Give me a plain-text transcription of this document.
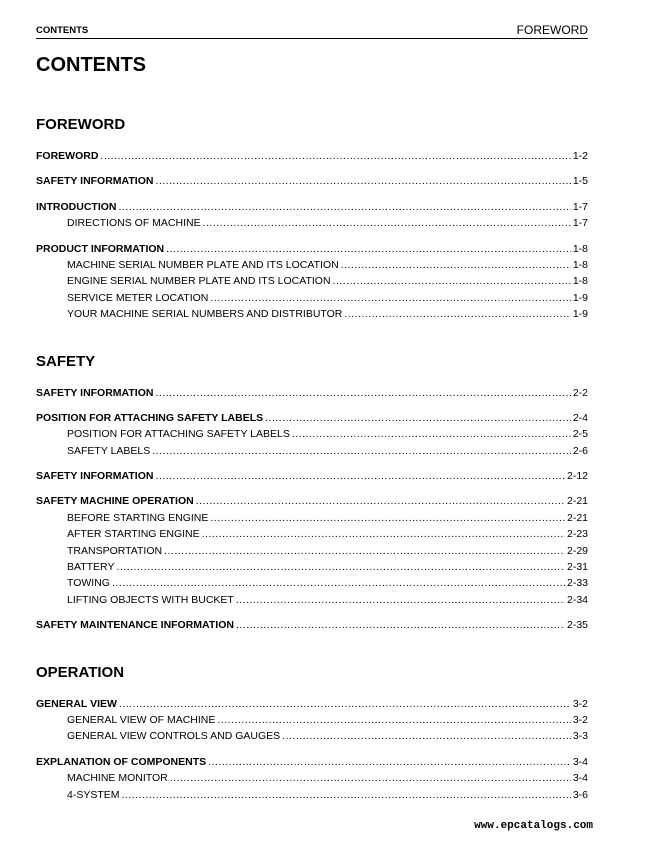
CONTENTS	FOREWORD
CONTENTS
FOREWORD
FOREWORD .....	1-2
SAFETY INFORMATION .....	1-5
INTRODUCTION .....	1-7
DIRECTIONS OF MACHINE .....	1-7
PRODUCT INFORMATION .....	1-8
MACHINE SERIAL NUMBER PLATE AND ITS LOCATION .....	1-8
ENGINE SERIAL NUMBER PLATE AND ITS LOCATION .....	1-8
SERVICE METER LOCATION .....	1-9
YOUR MACHINE SERIAL NUMBERS AND DISTRIBUTOR .....	1-9
SAFETY
SAFETY INFORMATION .....	2-2
POSITION FOR ATTACHING SAFETY LABELS .....	2-4
POSITION FOR ATTACHING SAFETY LABELS .....	2-5
SAFETY LABELS .....	2-6
SAFETY INFORMATION .....	2-12
SAFETY MACHINE OPERATION .....	2-21
BEFORE STARTING ENGINE .....	2-21
AFTER STARTING ENGINE .....	2-23
TRANSPORTATION .....	2-29
BATTERY .....	2-31
TOWING .....	2-33
LIFTING OBJECTS WITH BUCKET .....	2-34
SAFETY MAINTENANCE INFORMATION .....	2-35
OPERATION
GENERAL VIEW .....	3-2
GENERAL VIEW OF MACHINE .....	3-2
GENERAL VIEW CONTROLS AND GAUGES .....	3-3
EXPLANATION OF COMPONENTS .....	3-4
MACHINE MONITOR .....	3-4
4-SYSTEM .....	3-6
www.epcatalogs.com
